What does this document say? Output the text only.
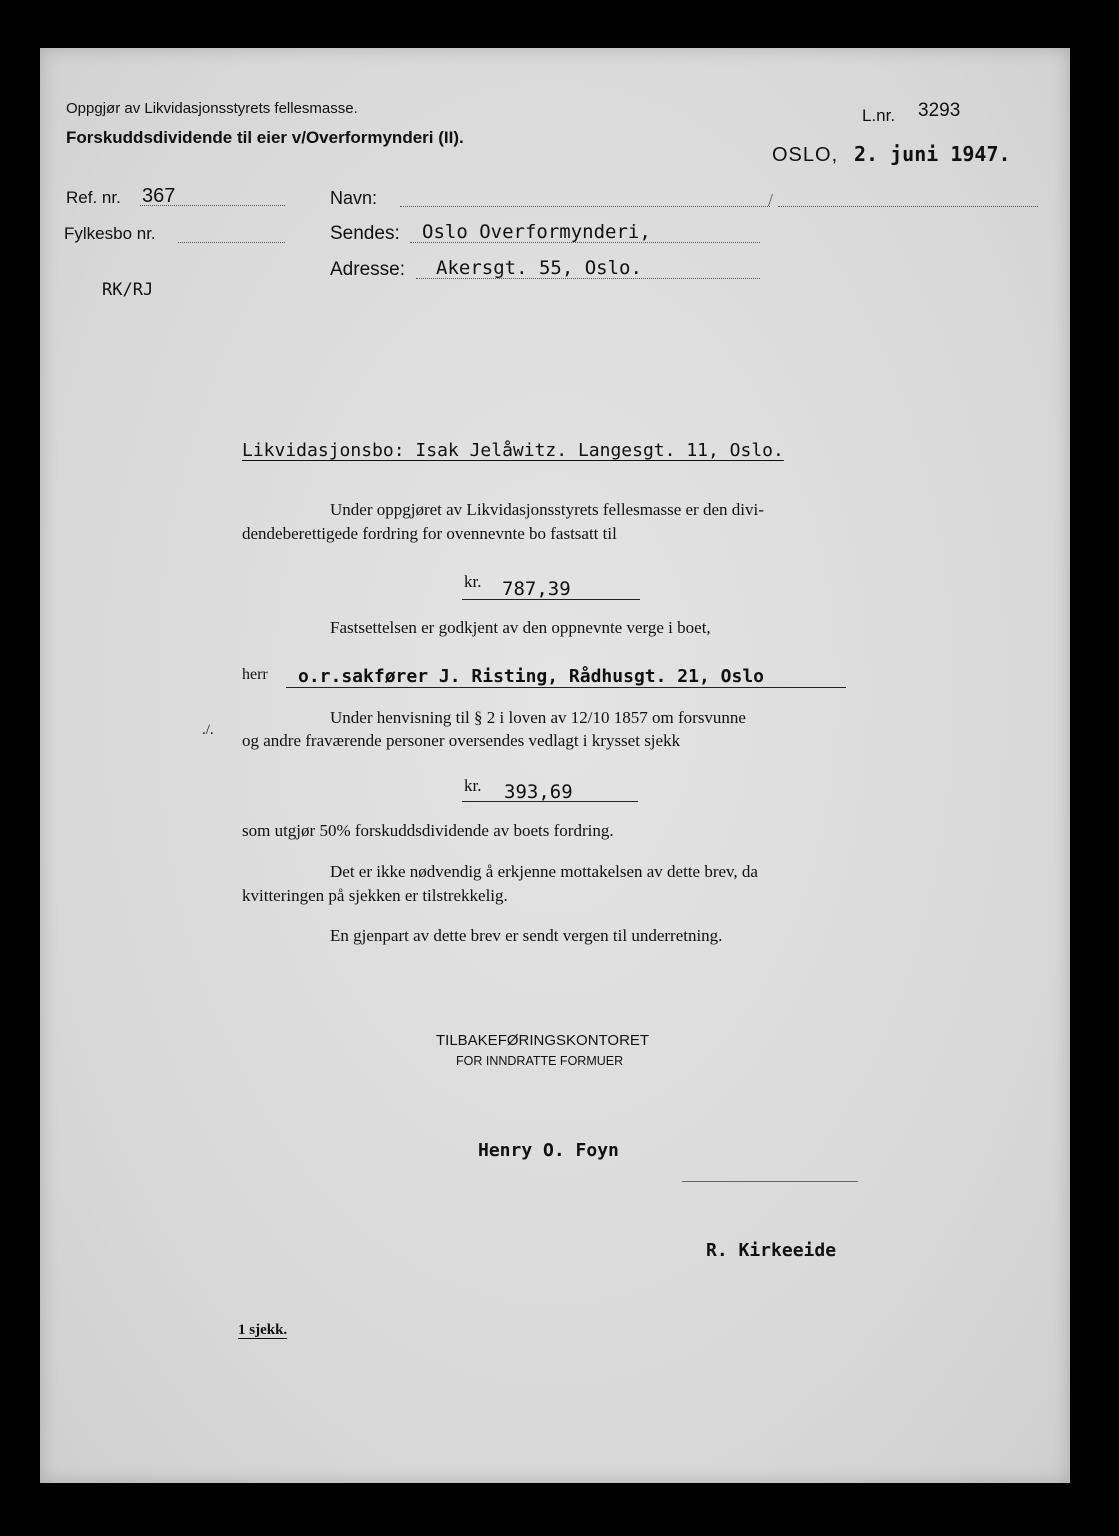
Oppgjør av Likvidasjonsstyrets fellesmasse.
Forskuddsdividende til eier v/Overformynderi (II).
L.nr. 3293
OSLO, 2. juni 1947.
Ref. nr. 367
Fylkesbo nr.
RK/RJ
Navn:	/
Sendes: Oslo Overformynderi,
Adresse: Akersgt. 55, Oslo.
Likvidasjonsbo: Isak Jelåwitz. Langesgt. 11, Oslo.
Under oppgjøret av Likvidasjonsstyrets fellesmasse er den divi-
dendeberettigede fordring for ovennevnte bo fastsatt til
kr. 787,39
Fastsettelsen er godkjent av den oppnevnte verge i boet,
herr o.r.sakfører J. Risting, Rådhusgt. 21, Oslo
./.
Under henvisning til § 2 i loven av 12/10 1857 om forsvunne
og andre fraværende personer oversendes vedlagt i krysset sjekk
kr. 393,69
som utgjør 50% forskuddsdividende av boets fordring.
Det er ikke nødvendig å erkjenne mottakelsen av dette brev, da
kvitteringen på sjekken er tilstrekkelig.
En gjenpart av dette brev er sendt vergen til underretning.
TILBAKEFØRINGSKONTORET
FOR INNDRATTE FORMUER
Henry O. Foyn
R. Kirkeeide
1 sjekk.
